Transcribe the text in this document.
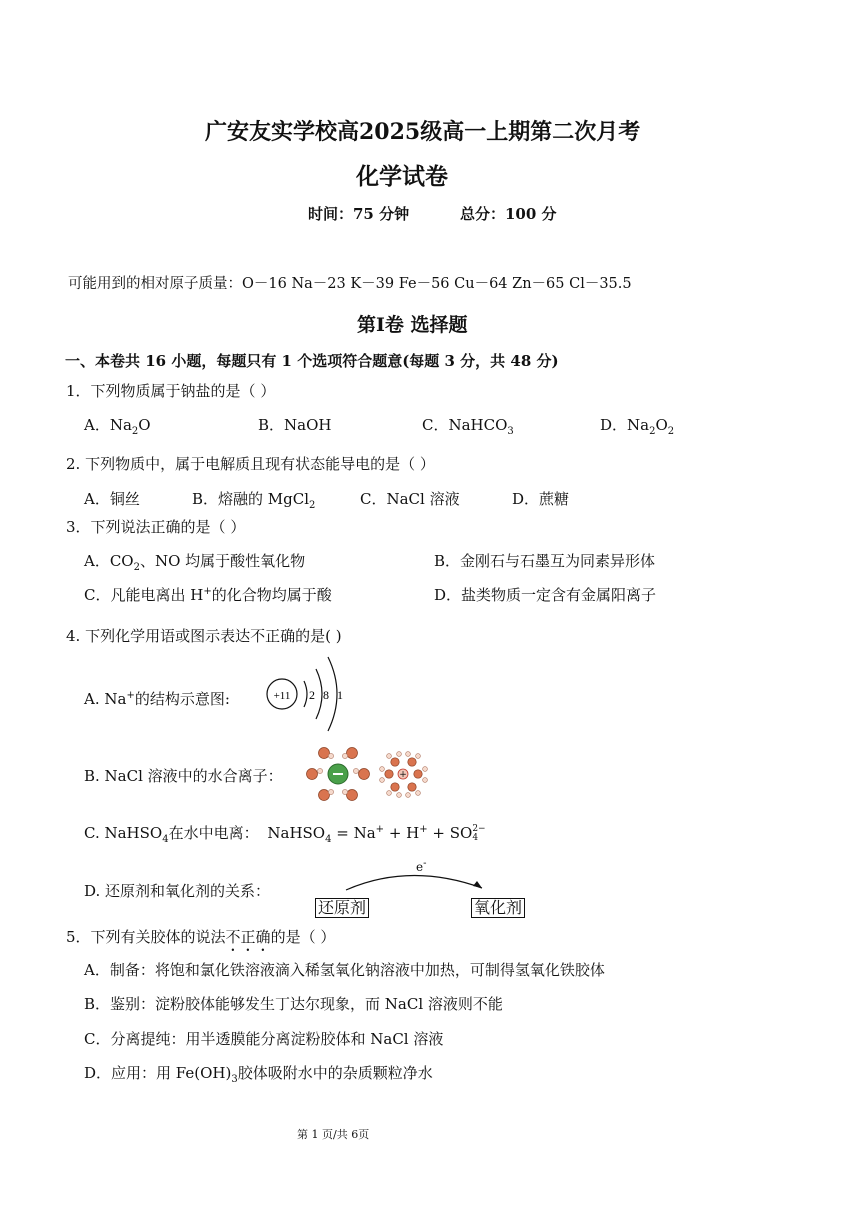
广安友实学校高2025级高一上期第二次月考
化学试卷
时间：75 分钟	总分：100 分
可能用到的相对原子质量：O－16 Na－23 K－39 Fe－56 Cu－64 Zn－65 Cl－35.5
第Ⅰ卷 选择题
一、本卷共 16 小题，每题只有 1 个选项符合题意(每题 3 分，共 48 分)
1．下列物质属于钠盐的是（ ）
A．$Na_2O$	B．NaOH	C．NaHCO$_3$	D．$Na_2O_2$
2. 下列物质中，属于电解质且现有状态能导电的是（ ）
A．铜丝	B．熔融的 MgCl$_2$	C．NaCl 溶液	D．蔗糖
3．下列说法正确的是（ ）
A．$CO_2$、NO 均属于酸性氧化物	B．金刚石与石墨互为同素异形体
C．凡能电离出 H+的化合物均属于酸	D．盐类物质一定含有金属阳离子
4. 下列化学用语或图示表达不正确的是( )
A. Na+的结构示意图:	+11 2 8 1
B. NaCl 溶液中的水合离子：	+
C. NaHSO$_4$在水中电离： NaHSO$_4$ = Na+ + H+ + SO 2−
4
D. 还原剂和氧化剂的关系：
e-
还原剂	氧化剂
5．下列有关胶体的说法不正确的是（ ）
A．制备：将饱和氯化铁溶液滴入稀氢氧化钠溶液中加热，可制得氢氧化铁胶体
B．鉴别：淀粉胶体能够发生丁达尔现象，而 NaCl 溶液则不能
C．分离提纯：用半透膜能分离淀粉胶体和 NaCl 溶液
D．应用：用 $Fe(OH)_3$胶体吸附水中的杂质颗粒净水
第 1 页/共 6页
